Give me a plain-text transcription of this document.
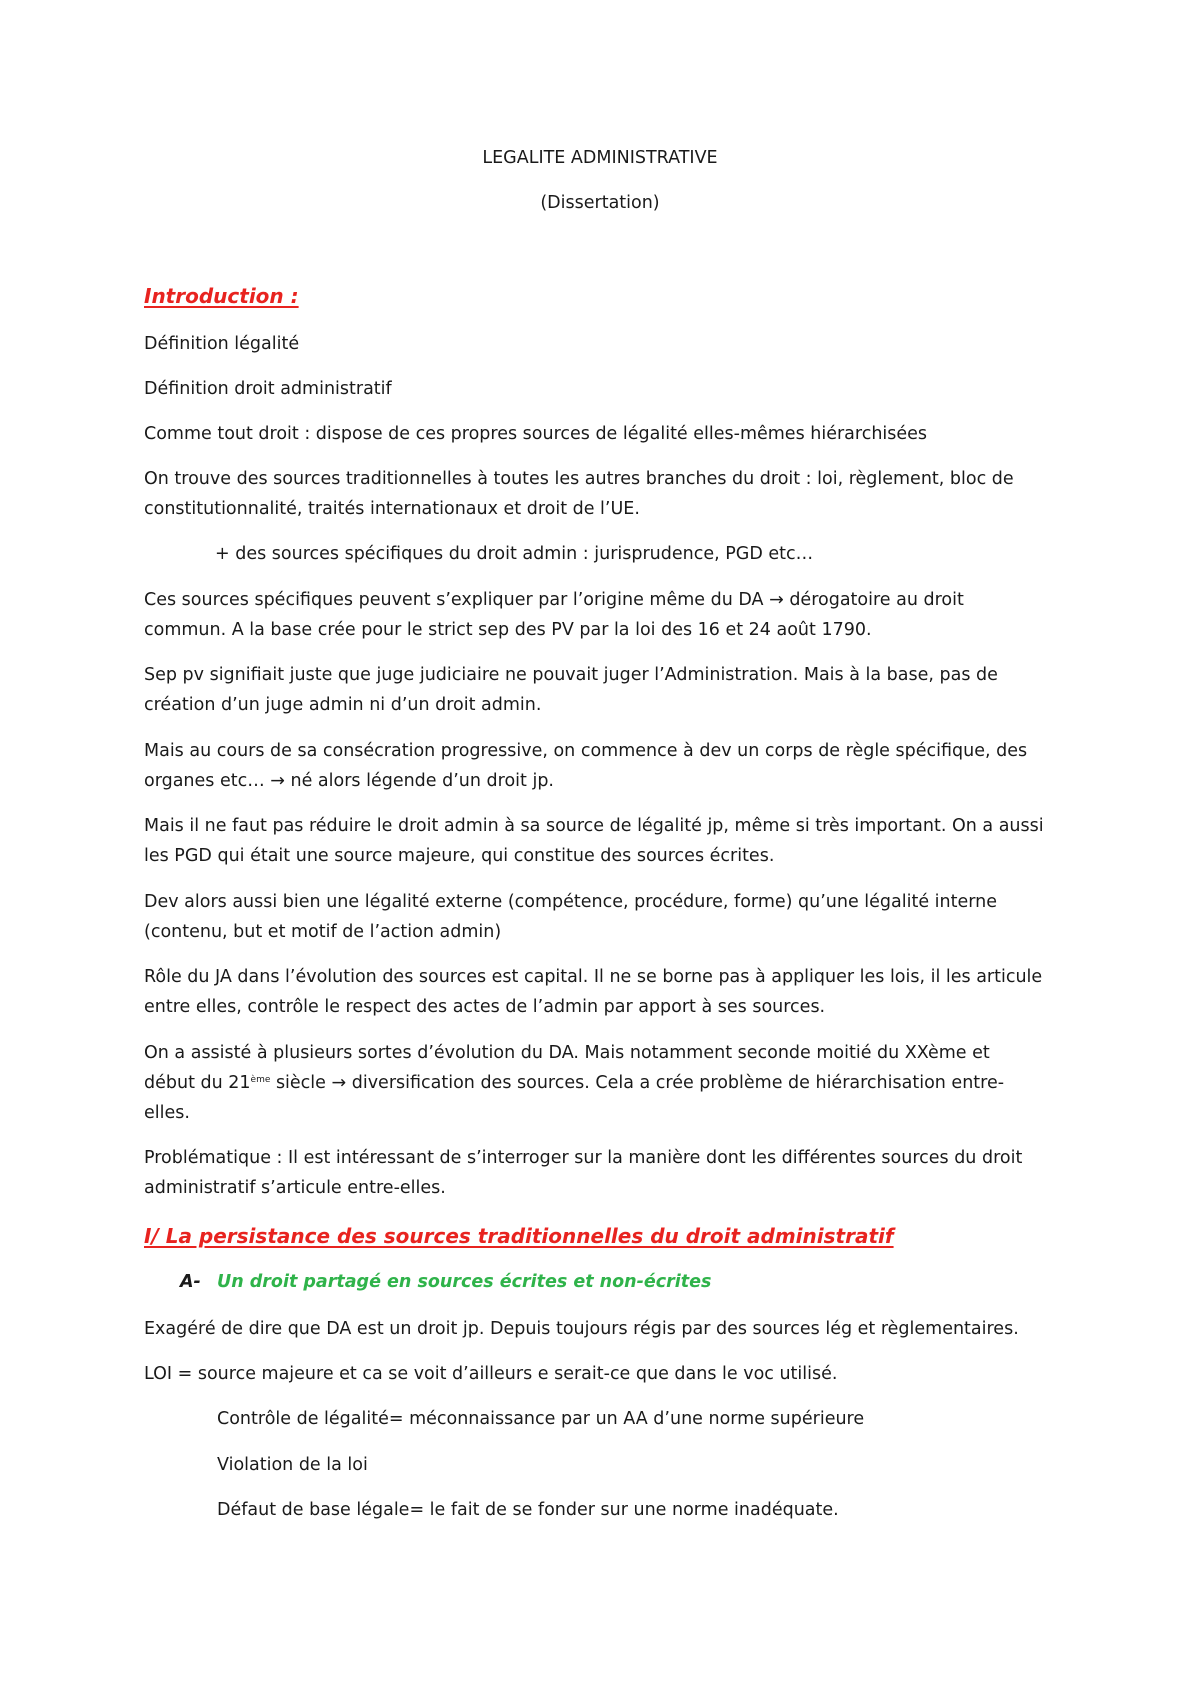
LEGALITE ADMINISTRATIVE

(Dissertation)

Introduction :

Définition légalité

Définition droit administratif

Comme tout droit : dispose de ces propres sources de légalité elles-mêmes hiérarchisées

On trouve des sources traditionnelles à toutes les autres branches du droit : loi, règlement, bloc de

constitutionnalité, traités internationaux et droit de l’UE.

+ des sources spécifiques du droit admin : jurisprudence, PGD etc…

Ces sources spécifiques peuvent s’expliquer par l’origine même du DA → dérogatoire au droit

commun. A la base crée pour le strict sep des PV par la loi des 16 et 24 août 1790.

Sep pv signifiait juste que juge judiciaire ne pouvait juger l’Administration. Mais à la base, pas de

création d’un juge admin ni d’un droit admin.

Mais au cours de sa consécration progressive, on commence à dev un corps de règle spécifique, des

organes etc… → né alors légende d’un droit jp.

Mais il ne faut pas réduire le droit admin à sa source de légalité jp, même si très important. On a aussi

les PGD qui était une source majeure, qui constitue des sources écrites.

Dev alors aussi bien une légalité externe (compétence, procédure, forme) qu’une légalité interne

(contenu, but et motif de l’action admin)

Rôle du JA dans l’évolution des sources est capital. Il ne se borne pas à appliquer les lois, il les articule

entre elles, contrôle le respect des actes de l’admin par apport à ses sources.

On a assisté à plusieurs sortes d’évolution du DA. Mais notamment seconde moitié du XXème et

début du 21ème siècle → diversification des sources. Cela a crée problème de hiérarchisation entre-

elles.

Problématique : Il est intéressant de s’interroger sur la manière dont les différentes sources du droit

administratif s’articule entre-elles.

I/ La persistance des sources traditionnelles du droit administratif

A- Un droit partagé en sources écrites et non-écrites

Exagéré de dire que DA est un droit jp. Depuis toujours régis par des sources lég et règlementaires.

LOI = source majeure et ca se voit d’ailleurs e serait-ce que dans le voc utilisé.

Contrôle de légalité= méconnaissance par un AA d’une norme supérieure

Violation de la loi

Défaut de base légale= le fait de se fonder sur une norme inadéquate.
